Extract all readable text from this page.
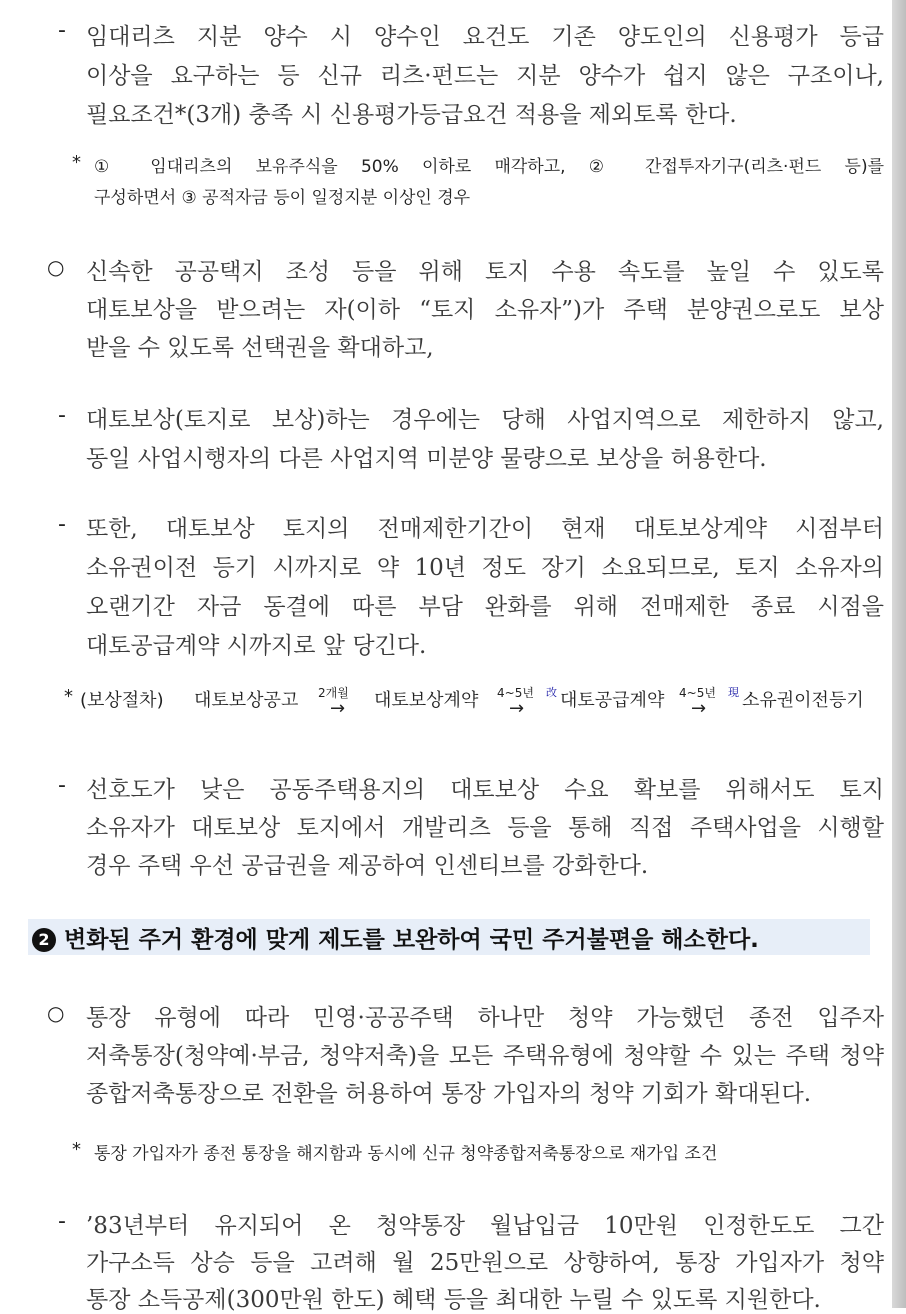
- 임대리츠 지분 양수 시 양수인 요건도 기존 양도인의 신용평가 등급
이상을 요구하는 등 신규 리츠·펀드는 지분 양수가 쉽지 않은 구조이나,
필요조건*(3개) 충족 시 신용평가등급요건 적용을 제외토록 한다.
* ① 임대리츠의 보유주식을 50% 이하로 매각하고, ② 간접투자기구(리츠·펀드 등)를
구성하면서 ③ 공적자금 등이 일정지분 이상인 경우
○ 신속한 공공택지 조성 등을 위해 토지 수용 속도를 높일 수 있도록
대토보상을 받으려는 자(이하 “토지 소유자”)가 주택 분양권으로도 보상
받을 수 있도록 선택권을 확대하고,
- 대토보상(토지로 보상)하는 경우에는 당해 사업지역으로 제한하지 않고,
동일 사업시행자의 다른 사업지역 미분양 물량으로 보상을 허용한다.
- 또한, 대토보상 토지의 전매제한기간이 현재 대토보상계약 시점부터
소유권이전 등기 시까지로 약 10년 정도 장기 소요되므로, 토지 소유자의
오랜기간 자금 동결에 따른 부담 완화를 위해 전매제한 종료 시점을
대토공급계약 시까지로 앞 당긴다.
* (보상절차) 대토보상공고 2개월
→ 대토보상계약 4~5년
→
改 대토공급계약 4~5년
→
現 소유권이전등기
- 선호도가 낮은 공동주택용지의 대토보상 수요 확보를 위해서도 토지
소유자가 대토보상 토지에서 개발리츠 등을 통해 직접 주택사업을 시행할
경우 주택 우선 공급권을 제공하여 인센티브를 강화한다.
2 변화된 주거 환경에 맞게 제도를 보완하여 국민 주거불편을 해소한다.
○ 통장 유형에 따라 민영·공공주택 하나만 청약 가능했던 종전 입주자
저축통장(청약예·부금, 청약저축)을 모든 주택유형에 청약할 수 있는 주택 청약
종합저축통장으로 전환을 허용하여 통장 가입자의 청약 기회가 확대된다.
* 통장 가입자가 종전 통장을 해지함과 동시에 신규 청약종합저축통장으로 재가입 조건
- ’83년부터 유지되어 온 청약통장 월납입금 10만원 인정한도도 그간
가구소득 상승 등을 고려해 월 25만원으로 상향하여, 통장 가입자가 청약
통장 소득공제(300만원 한도) 혜택 등을 최대한 누릴 수 있도록 지원한다.
